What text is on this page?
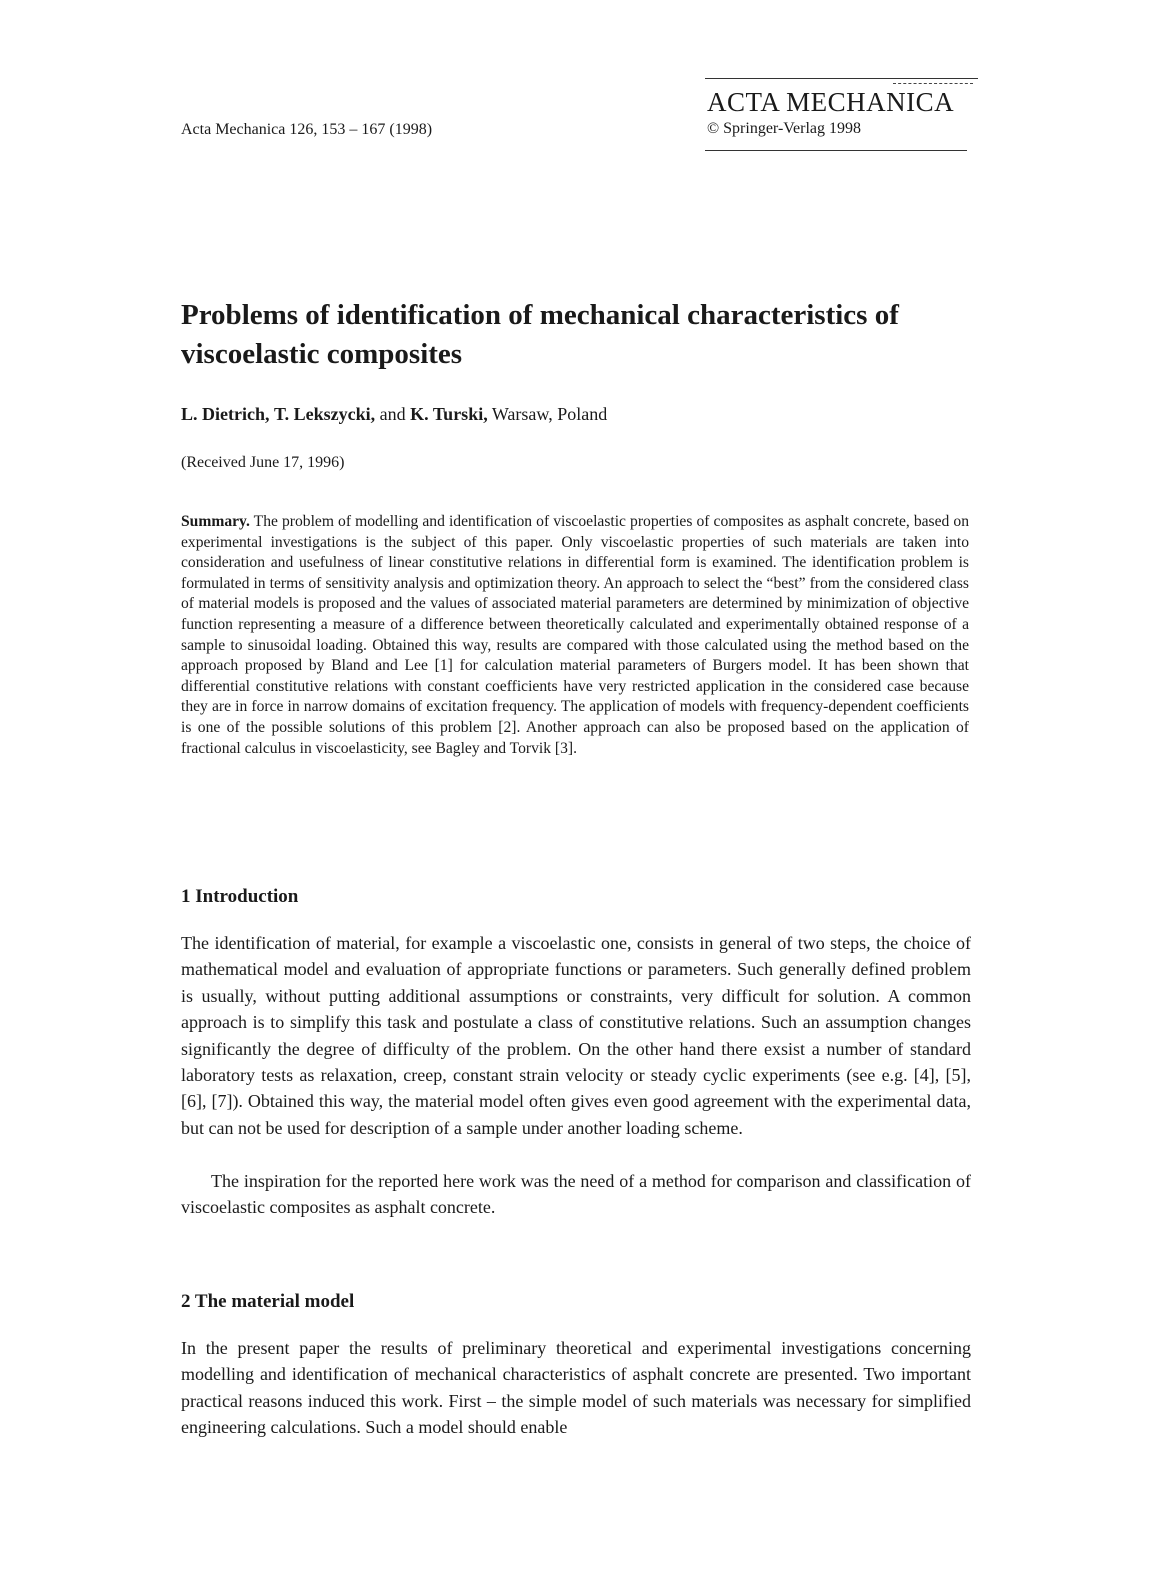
Acta Mechanica 126, 153 – 167 (1998)
ACTA MECHANICA
© Springer-Verlag 1998
Problems of identification of mechanical characteristics of viscoelastic composites
L. Dietrich, T. Lekszycki, and K. Turski, Warsaw, Poland
(Received June 17, 1996)
Summary. The problem of modelling and identification of viscoelastic properties of composites as asphalt concrete, based on experimental investigations is the subject of this paper. Only viscoelastic properties of such materials are taken into consideration and usefulness of linear constitutive relations in differential form is examined. The identification problem is formulated in terms of sensitivity analysis and optimization theory. An approach to select the “best” from the considered class of material models is proposed and the values of associated material parameters are determined by minimization of objective function representing a measure of a difference between theoretically calculated and experimentally obtained response of a sample to sinusoidal loading. Obtained this way, results are compared with those calculated using the method based on the approach proposed by Bland and Lee [1] for calculation material parameters of Burgers model. It has been shown that differential constitutive relations with constant coefficients have very restricted application in the considered case because they are in force in narrow domains of excitation frequency. The application of models with frequency-dependent coefficients is one of the possible solutions of this problem [2]. Another approach can also be proposed based on the application of fractional calculus in viscoelasticity, see Bagley and Torvik [3].
1 Introduction
The identification of material, for example a viscoelastic one, consists in general of two steps, the choice of mathematical model and evaluation of appropriate functions or parameters. Such generally defined problem is usually, without putting additional assumptions or constraints, very difficult for solution. A common approach is to simplify this task and postulate a class of constitutive relations. Such an assumption changes significantly the degree of difficulty of the problem. On the other hand there exsist a number of standard laboratory tests as relaxation, creep, constant strain velocity or steady cyclic experiments (see e.g. [4], [5], [6], [7]). Obtained this way, the material model often gives even good agreement with the experimental data, but can not be used for description of a sample under another loading scheme.
The inspiration for the reported here work was the need of a method for comparison and classification of viscoelastic composites as asphalt concrete.
2 The material model
In the present paper the results of preliminary theoretical and experimental investigations concerning modelling and identification of mechanical characteristics of asphalt concrete are presented. Two important practical reasons induced this work. First – the simple model of such materials was necessary for simplified engineering calculations. Such a model should enable
